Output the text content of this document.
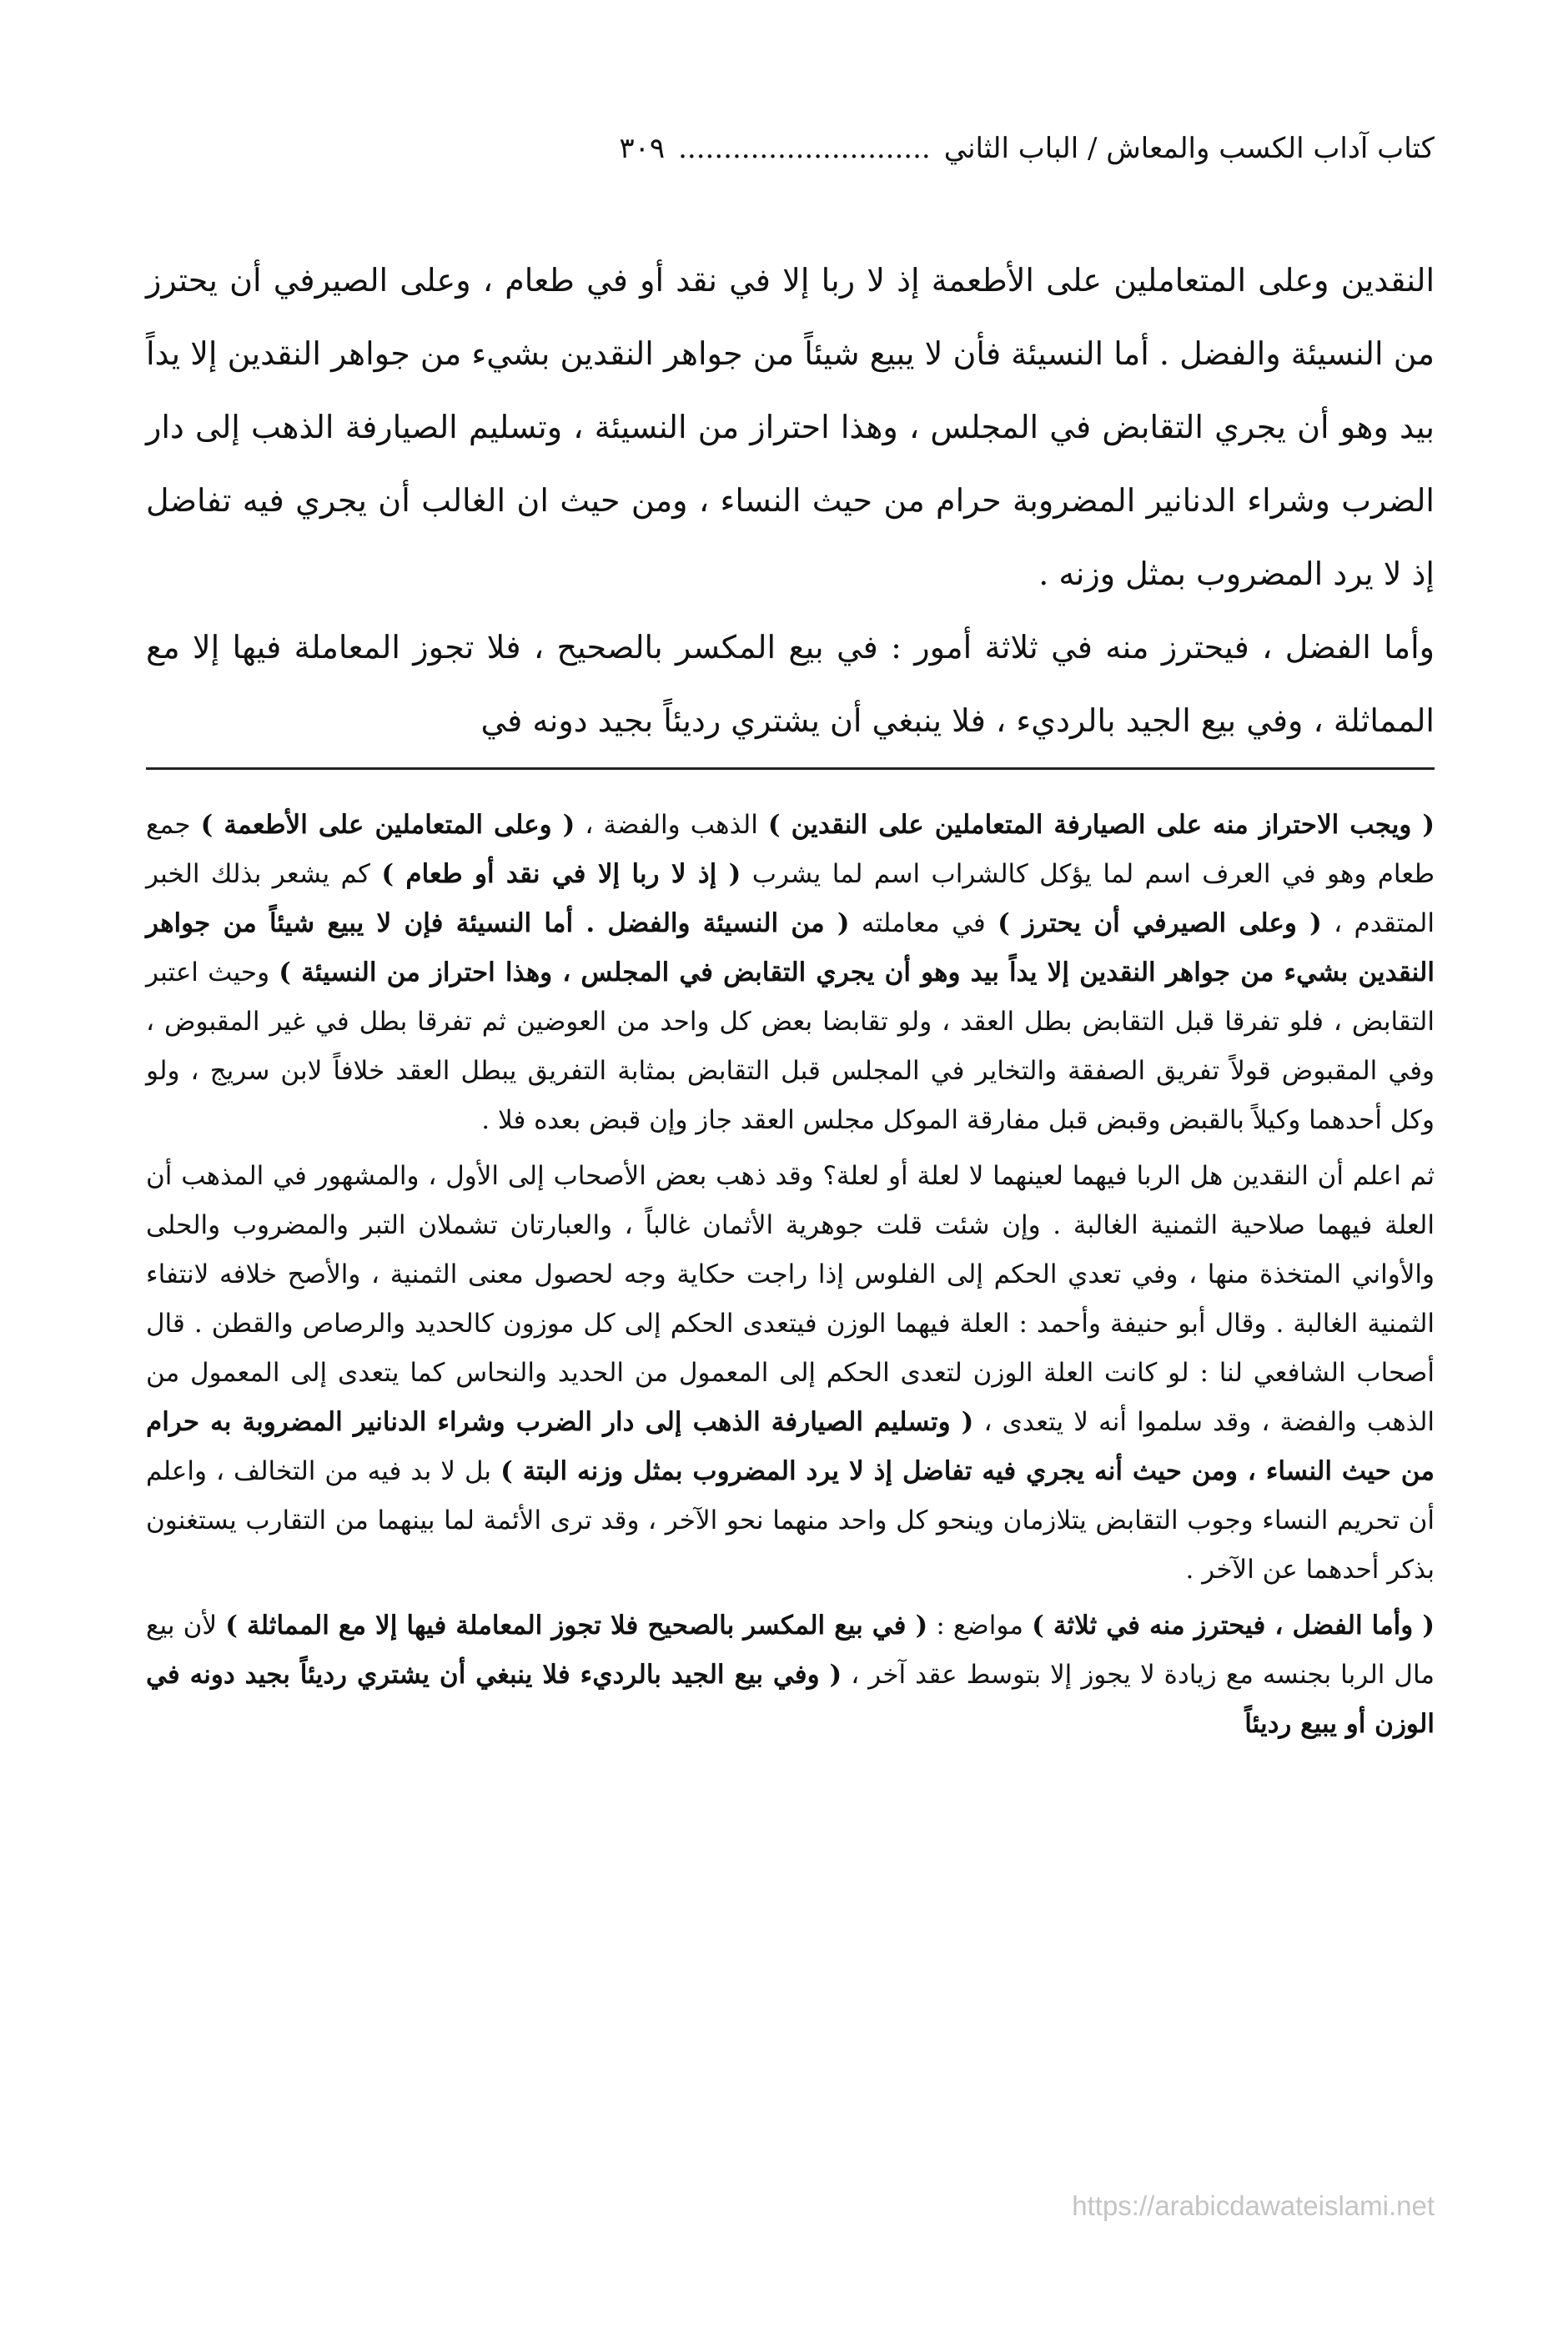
كتاب آداب الكسب والمعاش / الباب الثاني............................٣٠٩

النقدين وعلى المتعاملين على الأطعمة إذ لا ربا إلا في نقد أو في طعام ، وعلى الصيرفي أن يحترز من النسيئة والفضل . أما النسيئة فأن لا يبيع شيئاً من جواهر النقدين بشيء من جواهر النقدين إلا يداً بيد وهو أن يجري التقابض في المجلس ، وهذا احتراز من النسيئة ، وتسليم الصيارفة الذهب إلى دار الضرب وشراء الدنانير المضروبة حرام من حيث النساء ، ومن حيث ان الغالب أن يجري فيه تفاضل إذ لا يرد المضروب بمثل وزنه .

وأما الفضل ، فيحترز منه في ثلاثة أمور : في بيع المكسر بالصحيح ، فلا تجوز المعاملة فيها إلا مع المماثلة ، وفي بيع الجيد بالرديء ، فلا ينبغي أن يشتري رديئاً بجيد دونه في

( ويجب الاحتراز منه على الصيارفة المتعاملين على النقدين ) الذهب والفضة ، ( وعلى المتعاملين على الأطعمة ) جمع طعام وهو في العرف اسم لما يؤكل كالشراب اسم لما يشرب ( إذ لا ربا إلا في نقد أو طعام ) كم يشعر بذلك الخبر المتقدم ، ( وعلى الصيرفي أن يحترز ) في معاملته ( من النسيئة والفضل . أما النسيئة فإن لا يبيع شيئاً من جواهر النقدين بشيء من جواهر النقدين إلا يداً بيد وهو أن يجري التقابض في المجلس ، وهذا احتراز من النسيئة ) وحيث اعتبر التقابض ، فلو تفرقا قبل التقابض بطل العقد ، ولو تقابضا بعض كل واحد من العوضين ثم تفرقا بطل في غير المقبوض ، وفي المقبوض قولاً تفريق الصفقة والتخاير في المجلس قبل التقابض بمثابة التفريق يبطل العقد خلافاً لابن سريج ، ولو وكل أحدهما وكيلاً بالقبض وقبض قبل مفارقة الموكل مجلس العقد جاز وإن قبض بعده فلا .

ثم اعلم أن النقدين هل الربا فيهما لعينهما لا لعلة أو لعلة؟ وقد ذهب بعض الأصحاب إلى الأول ، والمشهور في المذهب أن العلة فيهما صلاحية الثمنية الغالبة . وإن شئت قلت جوهرية الأثمان غالباً ، والعبارتان تشملان التبر والمضروب والحلى والأواني المتخذة منها ، وفي تعدي الحكم إلى الفلوس إذا راجت حكاية وجه لحصول معنى الثمنية ، والأصح خلافه لانتفاء الثمنية الغالبة . وقال أبو حنيفة وأحمد : العلة فيهما الوزن فيتعدى الحكم إلى كل موزون كالحديد والرصاص والقطن . قال أصحاب الشافعي لنا : لو كانت العلة الوزن لتعدى الحكم إلى المعمول من الحديد والنحاس كما يتعدى إلى المعمول من الذهب والفضة ، وقد سلموا أنه لا يتعدى ، ( وتسليم الصيارفة الذهب إلى دار الضرب وشراء الدنانير المضروبة به حرام من حيث النساء ، ومن حيث أنه يجري فيه تفاضل إذ لا يرد المضروب بمثل وزنه البتة ) بل لا بد فيه من التخالف ، واعلم أن تحريم النساء وجوب التقابض يتلازمان وينحو كل واحد منهما نحو الآخر ، وقد ترى الأئمة لما بينهما من التقارب يستغنون بذكر أحدهما عن الآخر .

( وأما الفضل ، فيحترز منه في ثلاثة ) مواضع : ( في بيع المكسر بالصحيح فلا تجوز المعاملة فيها إلا مع المماثلة ) لأن بيع مال الربا بجنسه مع زيادة لا يجوز إلا بتوسط عقد آخر ، ( وفي بيع الجيد بالرديء فلا ينبغي أن يشتري رديئاً بجيد دونه في الوزن أو يبيع رديئاً

https://arabicdawateislami.net
